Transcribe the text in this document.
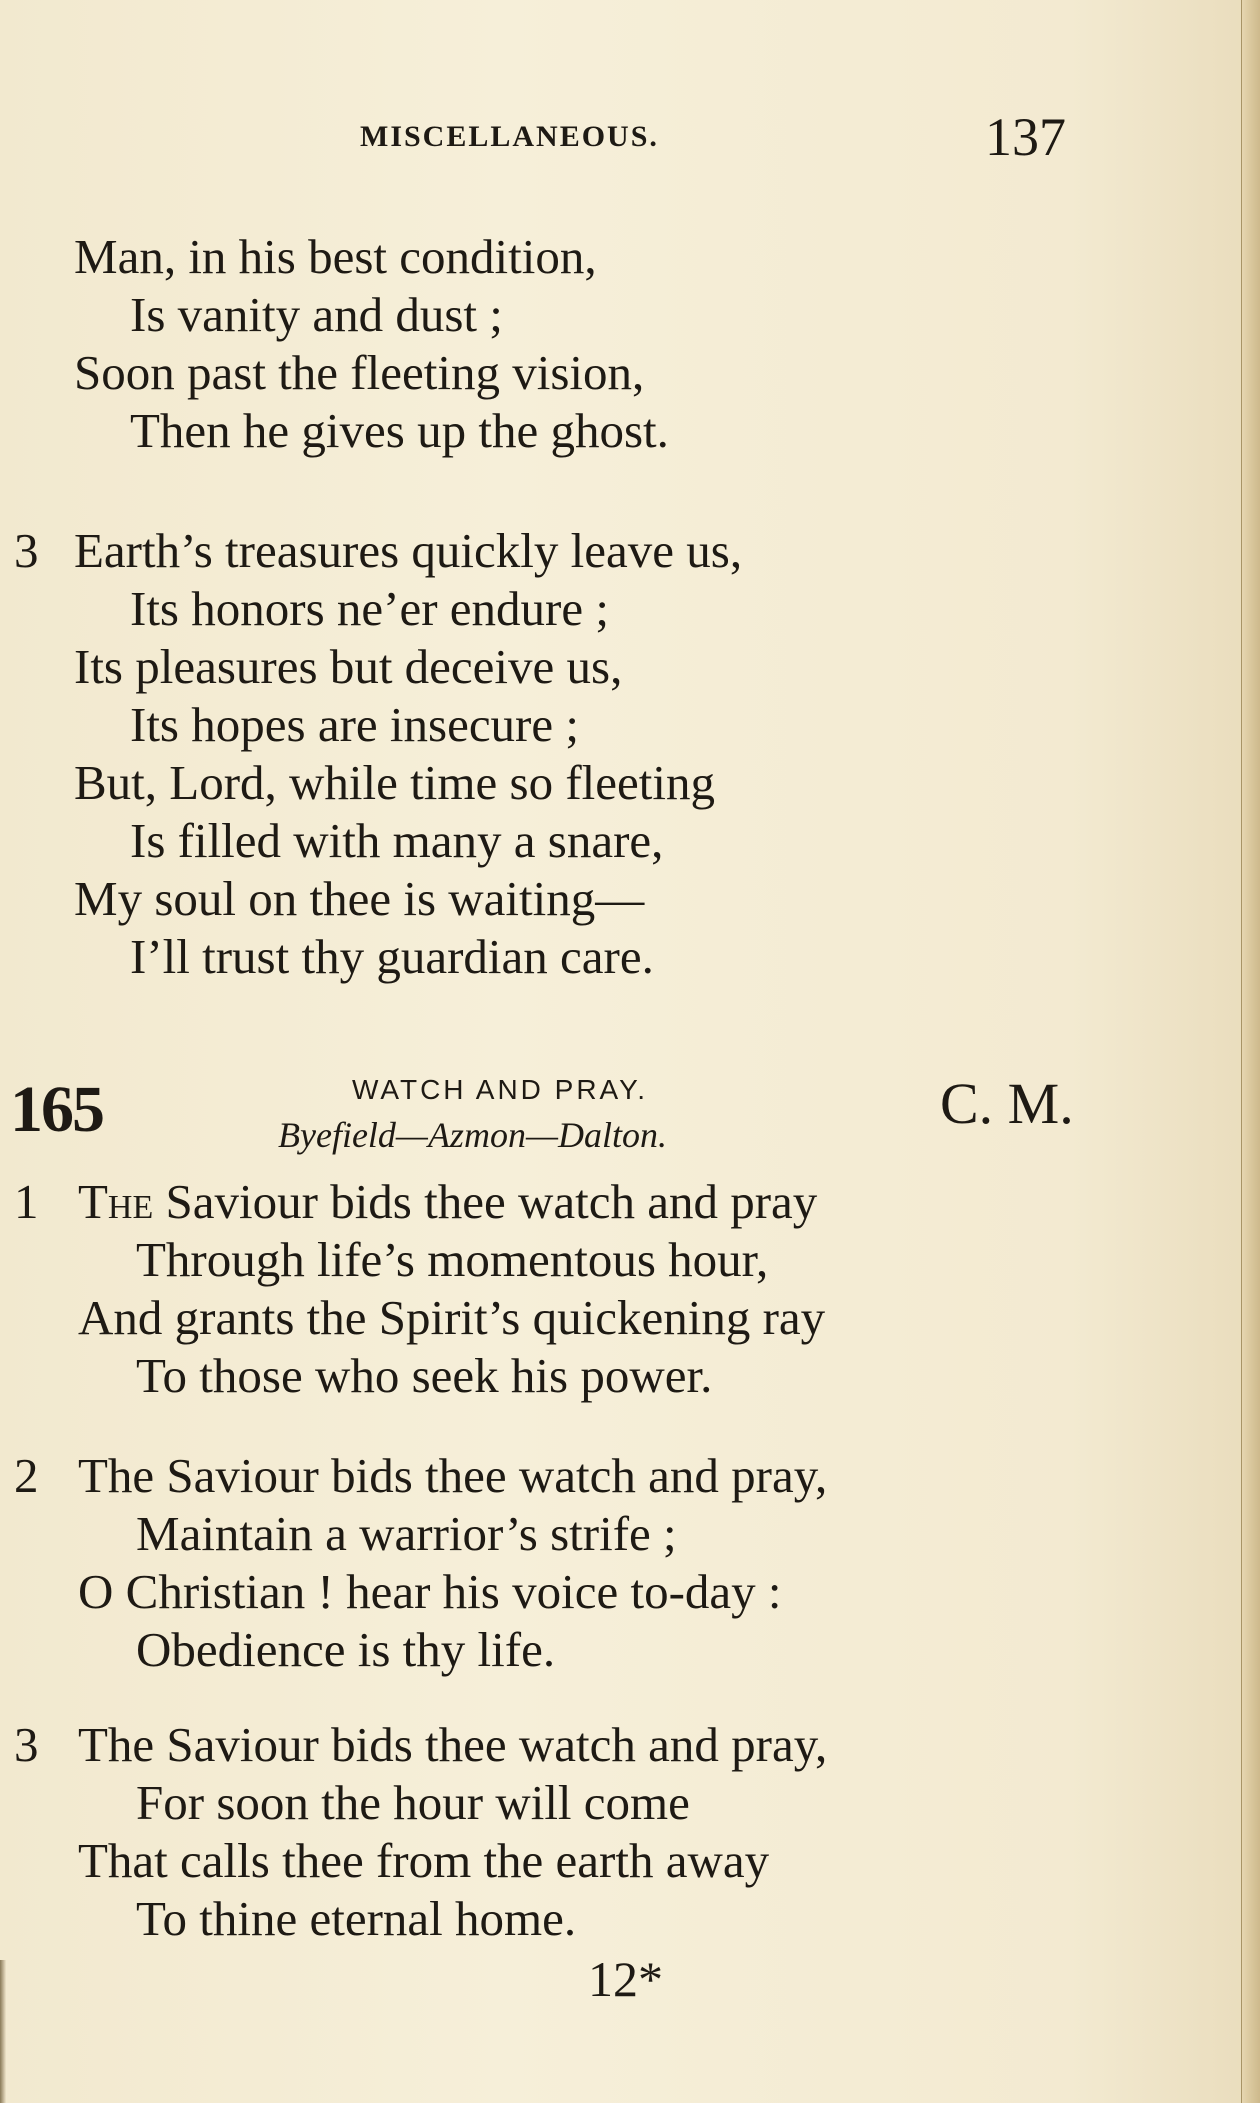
MISCELLANEOUS.	137
Man, in his best condition,
Is vanity and dust ;
Soon past the fleeting vision,
Then he gives up the ghost.
3 Earth’s treasures quickly leave us,
Its honors ne’er endure ;
Its pleasures but deceive us,
Its hopes are insecure ;
But, Lord, while time so fleeting
Is filled with many a snare,
My soul on thee is waiting—
I’ll trust thy guardian care.
165	WATCH AND PRAY.
Byefield—Azmon—Dalton.	C. M.
1 The Saviour bids thee watch and pray
Through life’s momentous hour,
And grants the Spirit’s quickening ray
To those who seek his power.
2 The Saviour bids thee watch and pray,
Maintain a warrior’s strife ;
O Christian ! hear his voice to-day :
Obedience is thy life.
3 The Saviour bids thee watch and pray,
For soon the hour will come
That calls thee from the earth away
To thine eternal home.
12*
